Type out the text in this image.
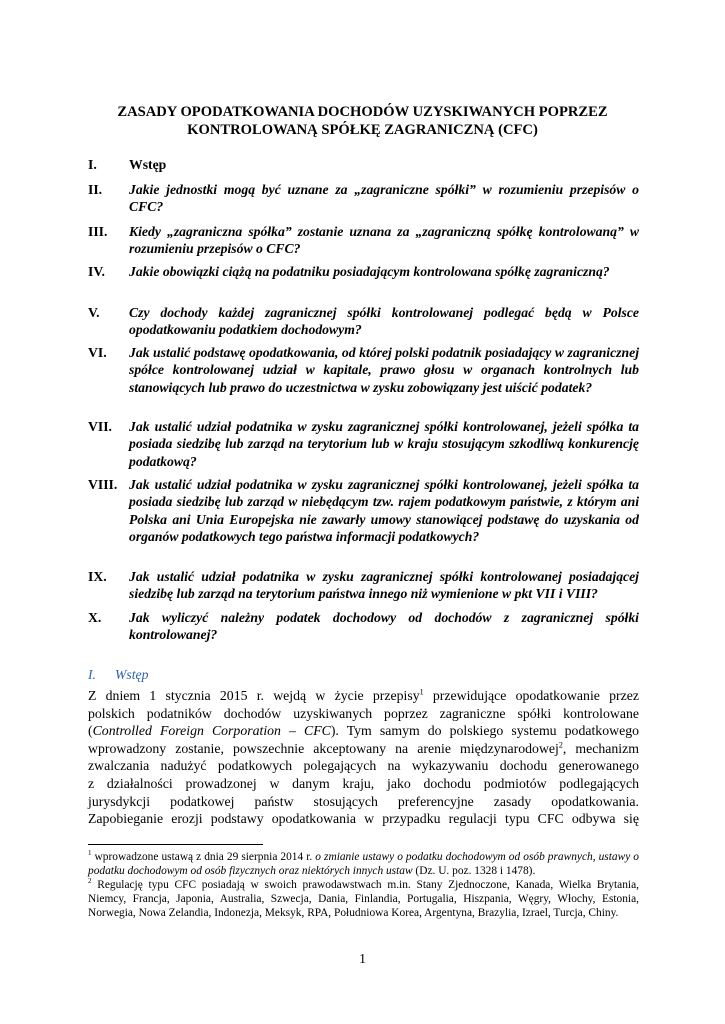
ZASADY OPODATKOWANIA DOCHODÓW UZYSKIWANYCH POPRZEZ
KONTROLOWANĄ SPÓŁKĘ ZAGRANICZNĄ (CFC)
I. Wstęp
II. Jakie jednostki mogą być uznane za „zagraniczne spółki” w rozumieniu przepisów o CFC?
III. Kiedy „zagraniczna spółka” zostanie uznana za „zagraniczną spółkę kontrolowaną” w rozumieniu przepisów o CFC?
IV. Jakie obowiązki ciążą na podatniku posiadającym kontrolowana spółkę zagraniczną?
V. Czy dochody każdej zagranicznej spółki kontrolowanej podlegać będą w Polsce opodatkowaniu podatkiem dochodowym?
VI. Jak ustalić podstawę opodatkowania, od której polski podatnik posiadający w zagranicznej spółce kontrolowanej udział w kapitale, prawo głosu w organach kontrolnych lub stanowiących lub prawo do uczestnictwa w zysku zobowiązany jest uiścić podatek?
VII. Jak ustalić udział podatnika w zysku zagranicznej spółki kontrolowanej, jeżeli spółka ta posiada siedzibę lub zarząd na terytorium lub w kraju stosującym szkodliwą konkurencję podatkową?
VIII. Jak ustalić udział podatnika w zysku zagranicznej spółki kontrolowanej, jeżeli spółka ta posiada siedzibę lub zarząd w niebędącym tzw. rajem podatkowym państwie, z którym ani Polska ani Unia Europejska nie zawarły umowy stanowiącej podstawę do uzyskania od organów podatkowych tego państwa informacji podatkowych?
IX. Jak ustalić udział podatnika w zysku zagranicznej spółki kontrolowanej posiadającej siedzibę lub zarząd na terytorium państwa innego niż wymienione w pkt VII i VIII?
X. Jak wyliczyć należny podatek dochodowy od dochodów z zagranicznej spółki kontrolowanej?
I. Wstęp
Z dniem 1 stycznia 2015 r. wejdą w życie przepisy$^1$ przewidujące opodatkowanie przez
polskich podatników dochodów uzyskiwanych poprzez zagraniczne spółki kontrolowane
(Controlled Foreign Corporation – CFC). Tym samym do polskiego systemu podatkowego
wprowadzony zostanie, powszechnie akceptowany na arenie międzynarodowej$^2$, mechanizm
zwalczania nadużyć podatkowych polegających na wykazywaniu dochodu generowanego
z działalności prowadzonej w danym kraju, jako dochodu podmiotów podlegających
jurysdykcji podatkowej państw stosujących preferencyjne zasady opodatkowania.
Zapobieganie erozji podstawy opodatkowania w przypadku regulacji typu CFC odbywa się
$^1$ wprowadzone ustawą z dnia 29 sierpnia 2014 r. o zmianie ustawy o podatku dochodowym od osób prawnych, ustawy o podatku dochodowym od osób fizycznych oraz niektórych innych ustaw (Dz. U. poz. 1328 i 1478).
$^2$ Regulację typu CFC posiadają w swoich prawodawstwach m.in. Stany Zjednoczone, Kanada, Wielka Brytania, Niemcy, Francja, Japonia, Australia, Szwecja, Dania, Finlandia, Portugalia, Hiszpania, Węgry, Włochy, Estonia, Norwegia, Nowa Zelandia, Indonezja, Meksyk, RPA, Południowa Korea, Argentyna, Brazylia, Izrael, Turcja, Chiny.
1
